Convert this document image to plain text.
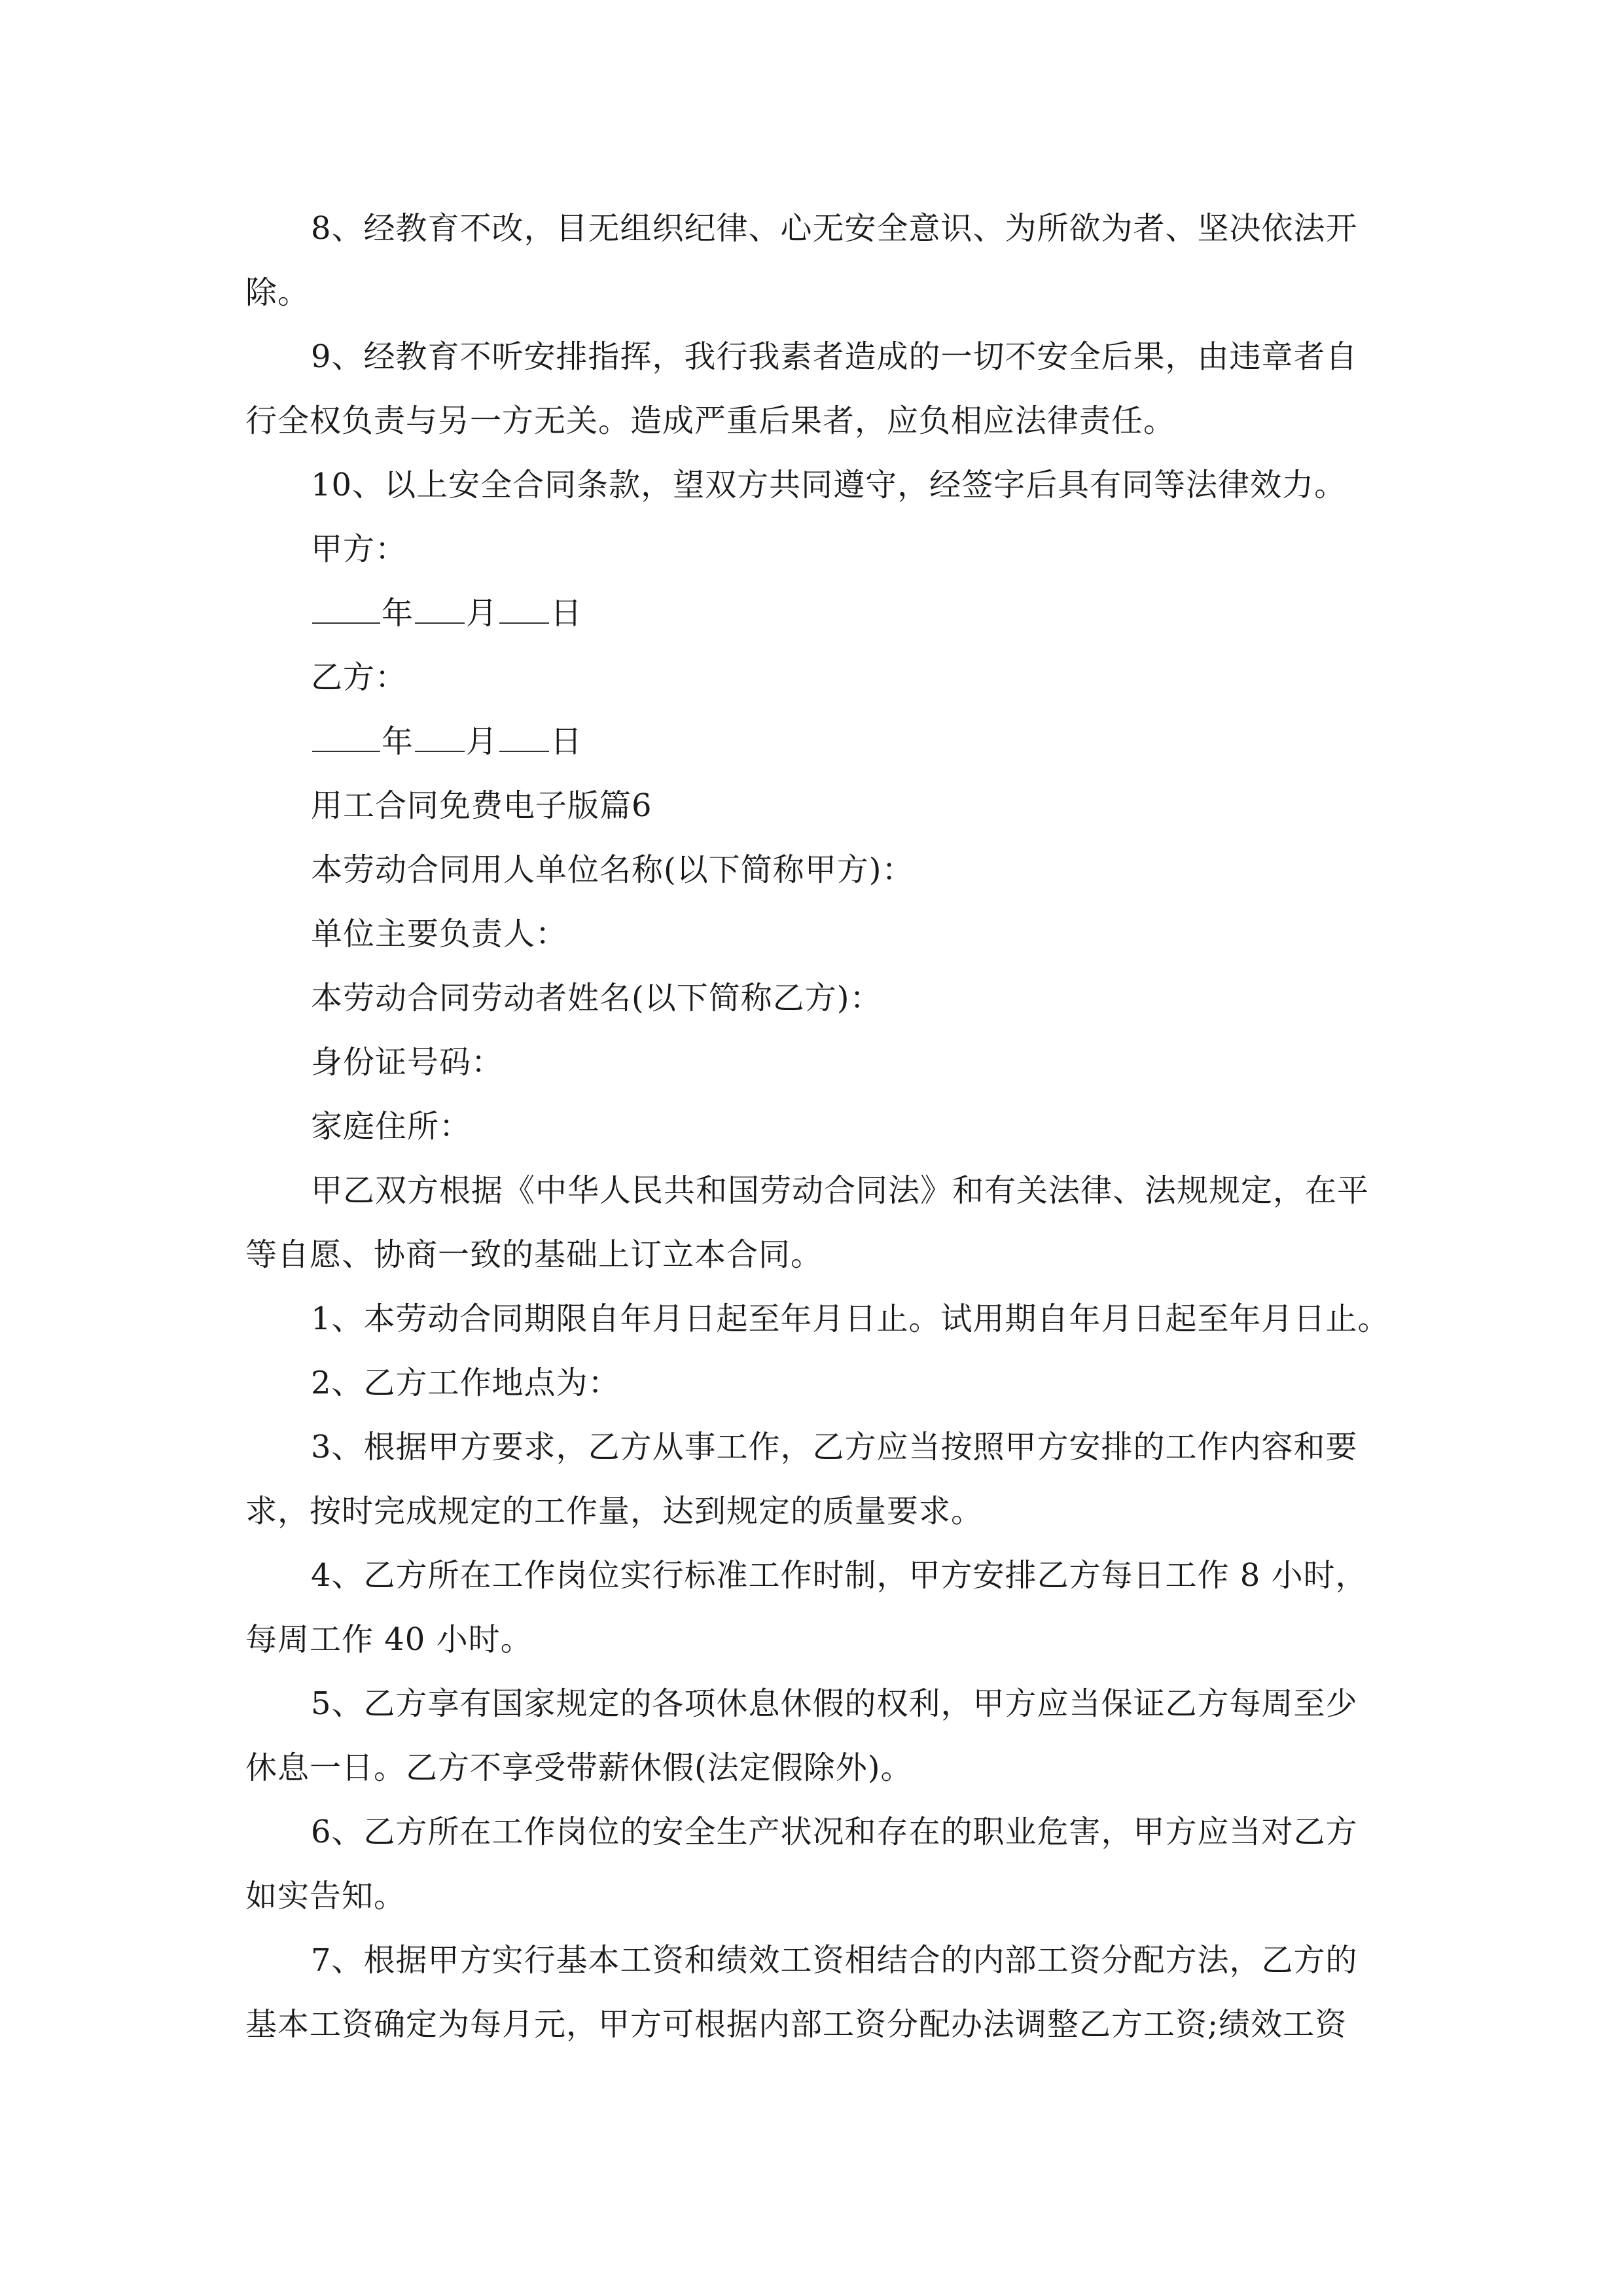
8、经教育不改，目无组织纪律、心无安全意识、为所欲为者、坚决依法开
除。
9、经教育不听安排指挥，我行我素者造成的一切不安全后果，由违章者自
行全权负责与另一方无关。造成严重后果者，应负相应法律责任。
10、以上安全合同条款，望双方共同遵守，经签字后具有同等法律效力。
甲方：
年 月 日
乙方：
年 月 日
用工合同免费电子版篇6
本劳动合同用人单位名称(以下简称甲方)：
单位主要负责人：
本劳动合同劳动者姓名(以下简称乙方)：
身份证号码：
家庭住所：
甲乙双方根据《中华人民共和国劳动合同法》和有关法律、法规规定，在平
等自愿、协商一致的基础上订立本合同。
1、本劳动合同期限自年月日起至年月日止。试用期自年月日起至年月日止。
2、乙方工作地点为：
3、根据甲方要求，乙方从事工作，乙方应当按照甲方安排的工作内容和要
求，按时完成规定的工作量，达到规定的质量要求。
4、乙方所在工作岗位实行标准工作时制，甲方安排乙方每日工作 8 小时，
每周工作 40 小时。
5、乙方享有国家规定的各项休息休假的权利，甲方应当保证乙方每周至少
休息一日。乙方不享受带薪休假(法定假除外)。
6、乙方所在工作岗位的安全生产状况和存在的职业危害，甲方应当对乙方
如实告知。
7、根据甲方实行基本工资和绩效工资相结合的内部工资分配方法，乙方的
基本工资确定为每月元，甲方可根据内部工资分配办法调整乙方工资;绩效工资
